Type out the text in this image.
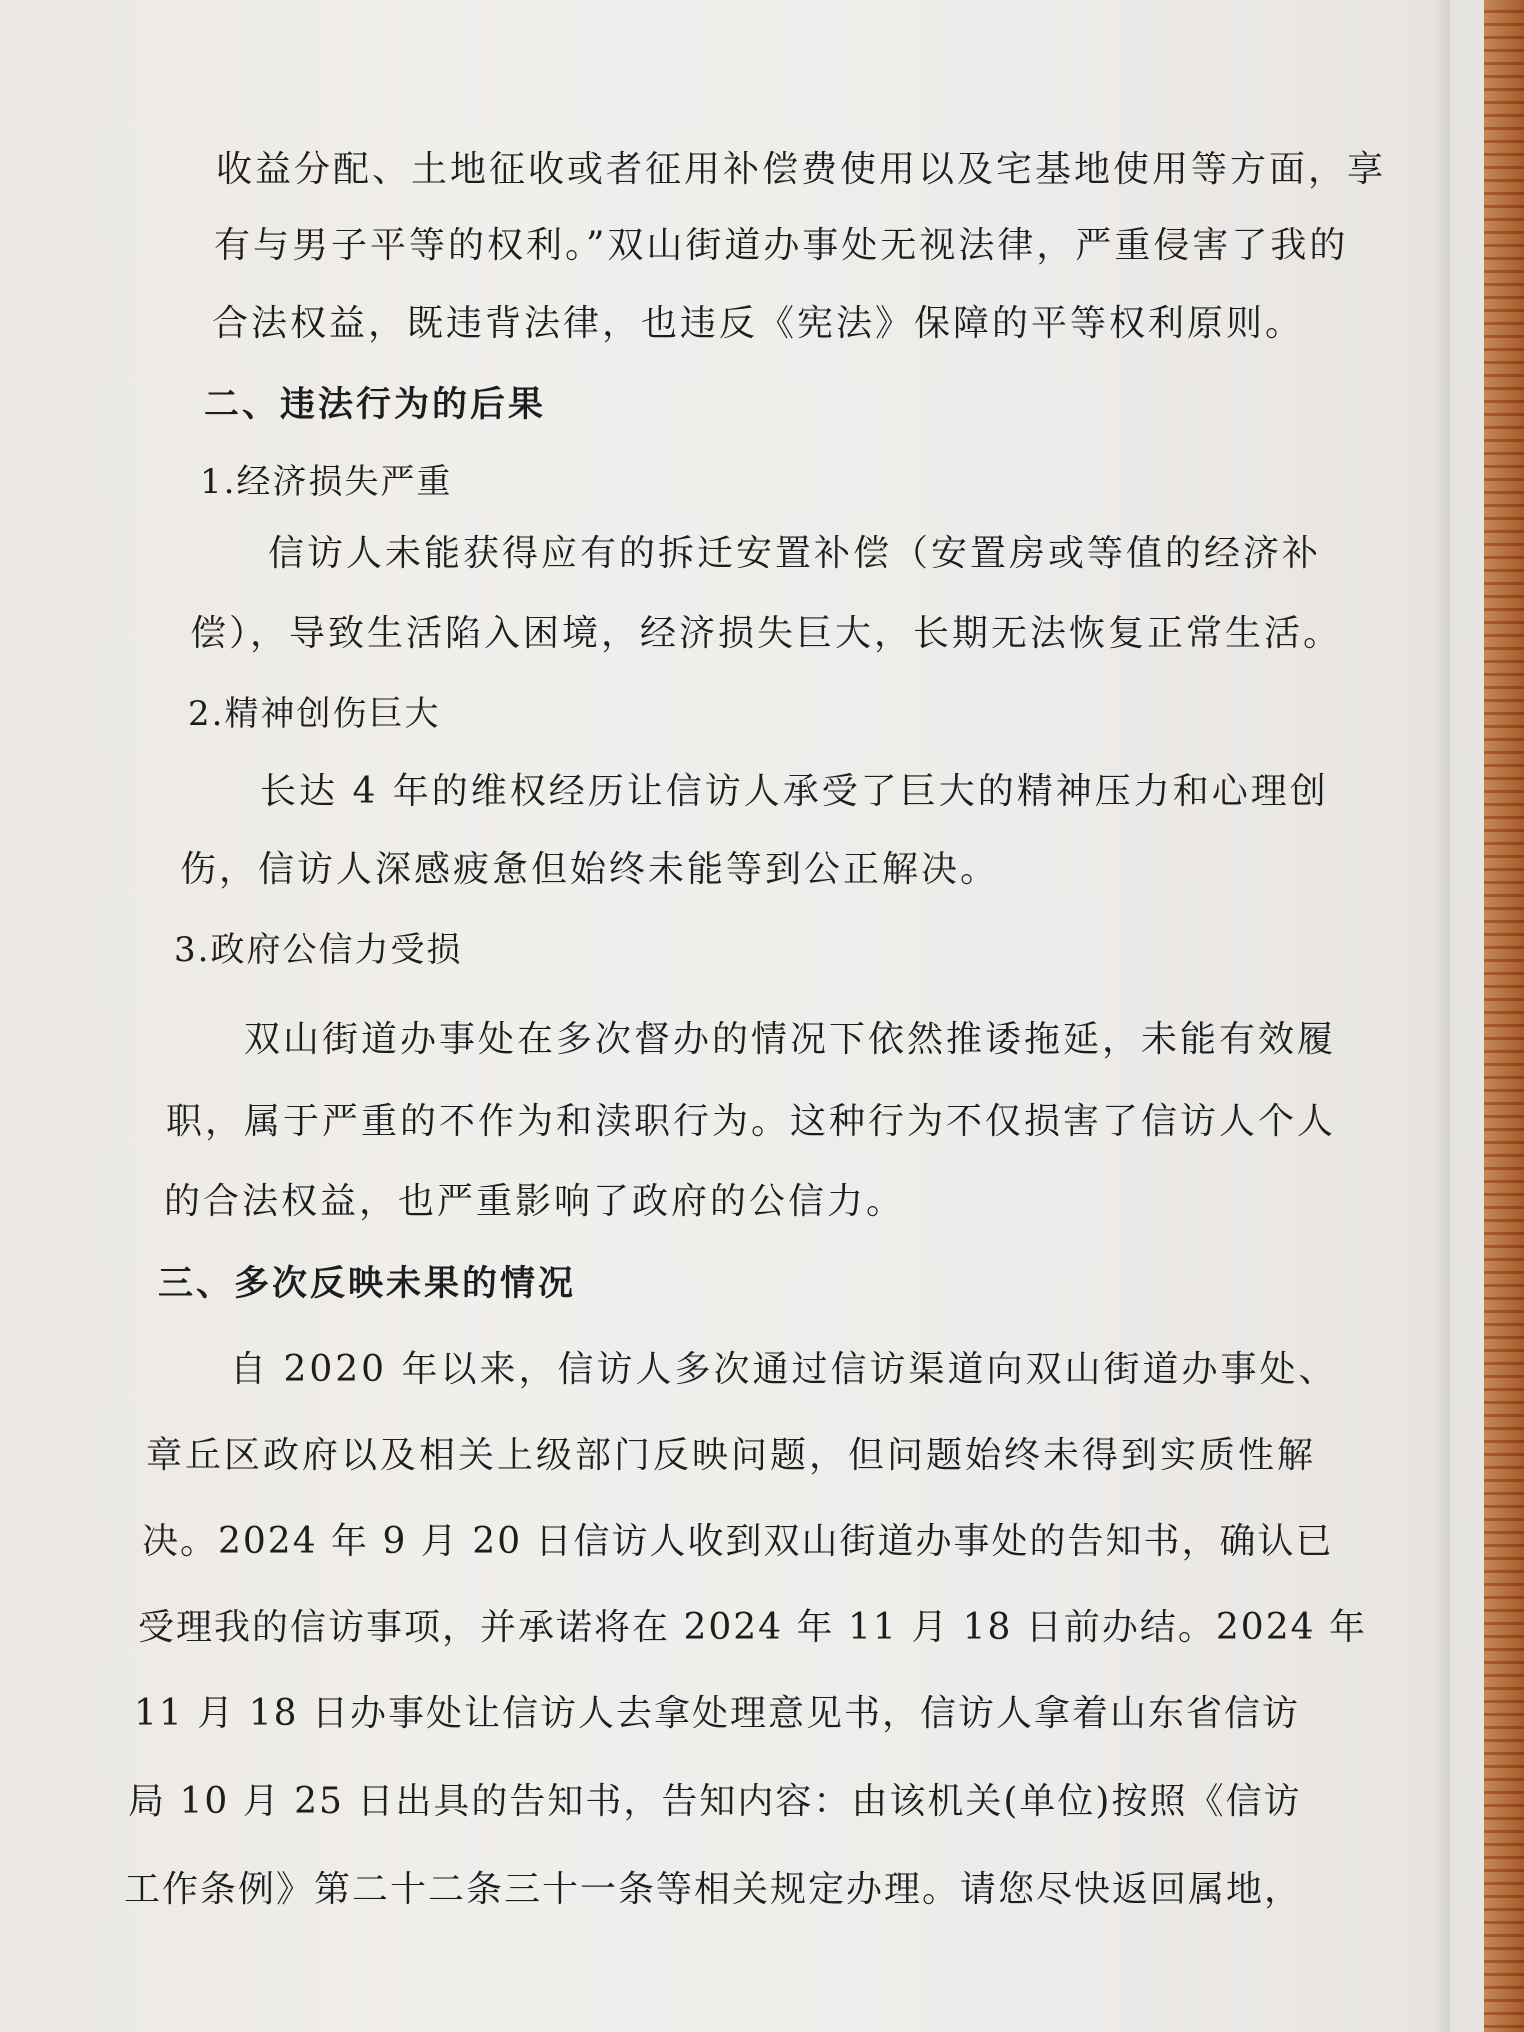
收益分配、土地征收或者征用补偿费使用以及宅基地使用等方面，享
有与男子平等的权利。”双山街道办事处无视法律，严重侵害了我的
合法权益，既违背法律，也违反《宪法》保障的平等权利原则。
二、违法行为的后果
1.经济损失严重
信访人未能获得应有的拆迁安置补偿（安置房或等值的经济补
偿），导致生活陷入困境，经济损失巨大，长期无法恢复正常生活。
2.精神创伤巨大
长达 4 年的维权经历让信访人承受了巨大的精神压力和心理创
伤，信访人深感疲惫但始终未能等到公正解决。
3.政府公信力受损
双山街道办事处在多次督办的情况下依然推诿拖延，未能有效履
职，属于严重的不作为和渎职行为。这种行为不仅损害了信访人个人
的合法权益，也严重影响了政府的公信力。
三、多次反映未果的情况
自 2020 年以来，信访人多次通过信访渠道向双山街道办事处、
章丘区政府以及相关上级部门反映问题，但问题始终未得到实质性解
决。2024 年 9 月 20 日信访人收到双山街道办事处的告知书，确认已
受理我的信访事项，并承诺将在 2024 年 11 月 18 日前办结。2024 年
11 月 18 日办事处让信访人去拿处理意见书，信访人拿着山东省信访
局 10 月 25 日出具的告知书，告知内容：由该机关(单位)按照《信访
工作条例》第二十二条三十一条等相关规定办理。请您尽快返回属地，
